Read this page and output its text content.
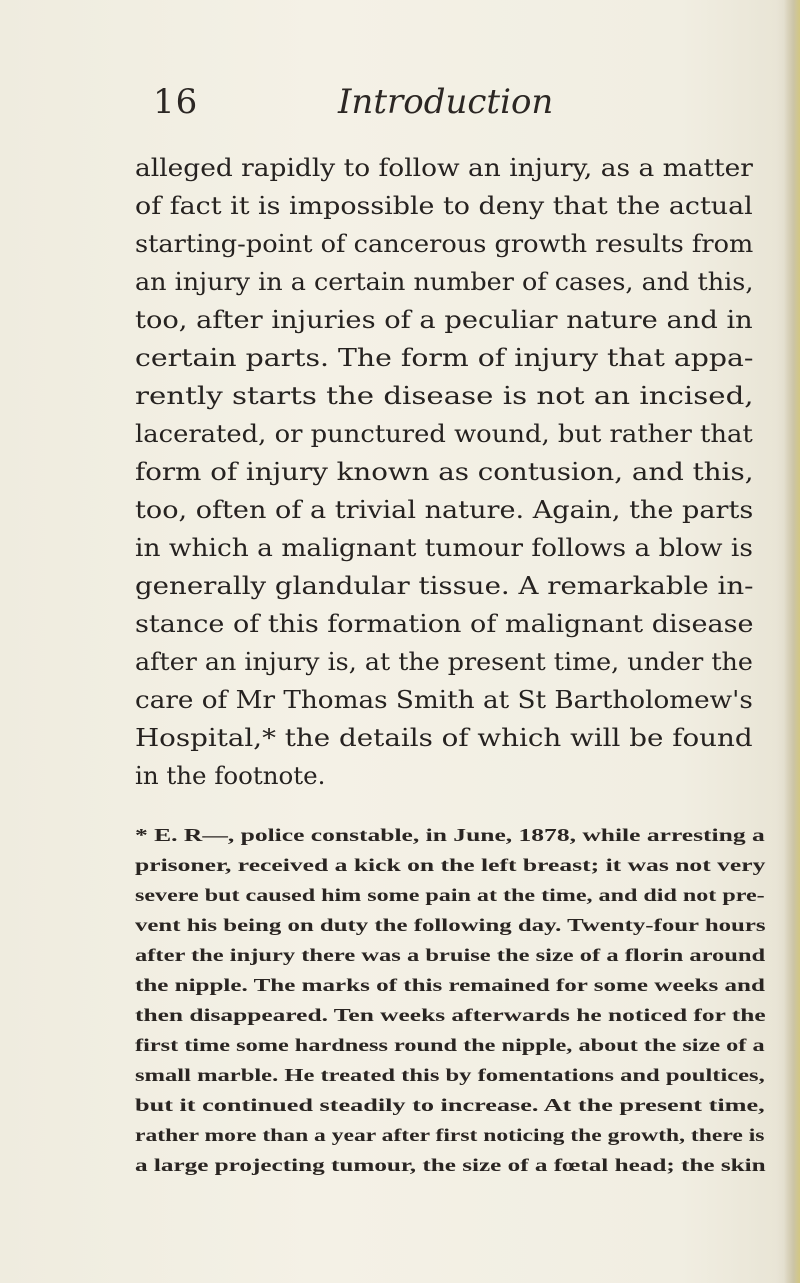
16	Introduction
alleged rapidly to follow an injury, as a matter
of fact it is impossible to deny that the actual
starting-point of cancerous growth results from
an injury in a certain number of cases, and this,
too, after injuries of a peculiar nature and in
certain parts. The form of injury that appa-
rently starts the disease is not an incised,
lacerated, or punctured wound, but rather that
form of injury known as contusion, and this,
too, often of a trivial nature. Again, the parts
in which a malignant tumour follows a blow is
generally glandular tissue. A remarkable in-
stance of this formation of malignant disease
after an injury is, at the present time, under the
care of Mr Thomas Smith at St Bartholomew's
Hospital,* the details of which will be found
in the footnote.
* E. R—, police constable, in June, 1878, while arresting a
prisoner, received a kick on the left breast; it was not very
severe but caused him some pain at the time, and did not pre-
vent his being on duty the following day. Twenty-four hours
after the injury there was a bruise the size of a florin around
the nipple. The marks of this remained for some weeks and
then disappeared. Ten weeks afterwards he noticed for the
first time some hardness round the nipple, about the size of a
small marble. He treated this by fomentations and poultices,
but it continued steadily to increase. At the present time,
rather more than a year after first noticing the growth, there is
a large projecting tumour, the size of a fœtal head; the skin
